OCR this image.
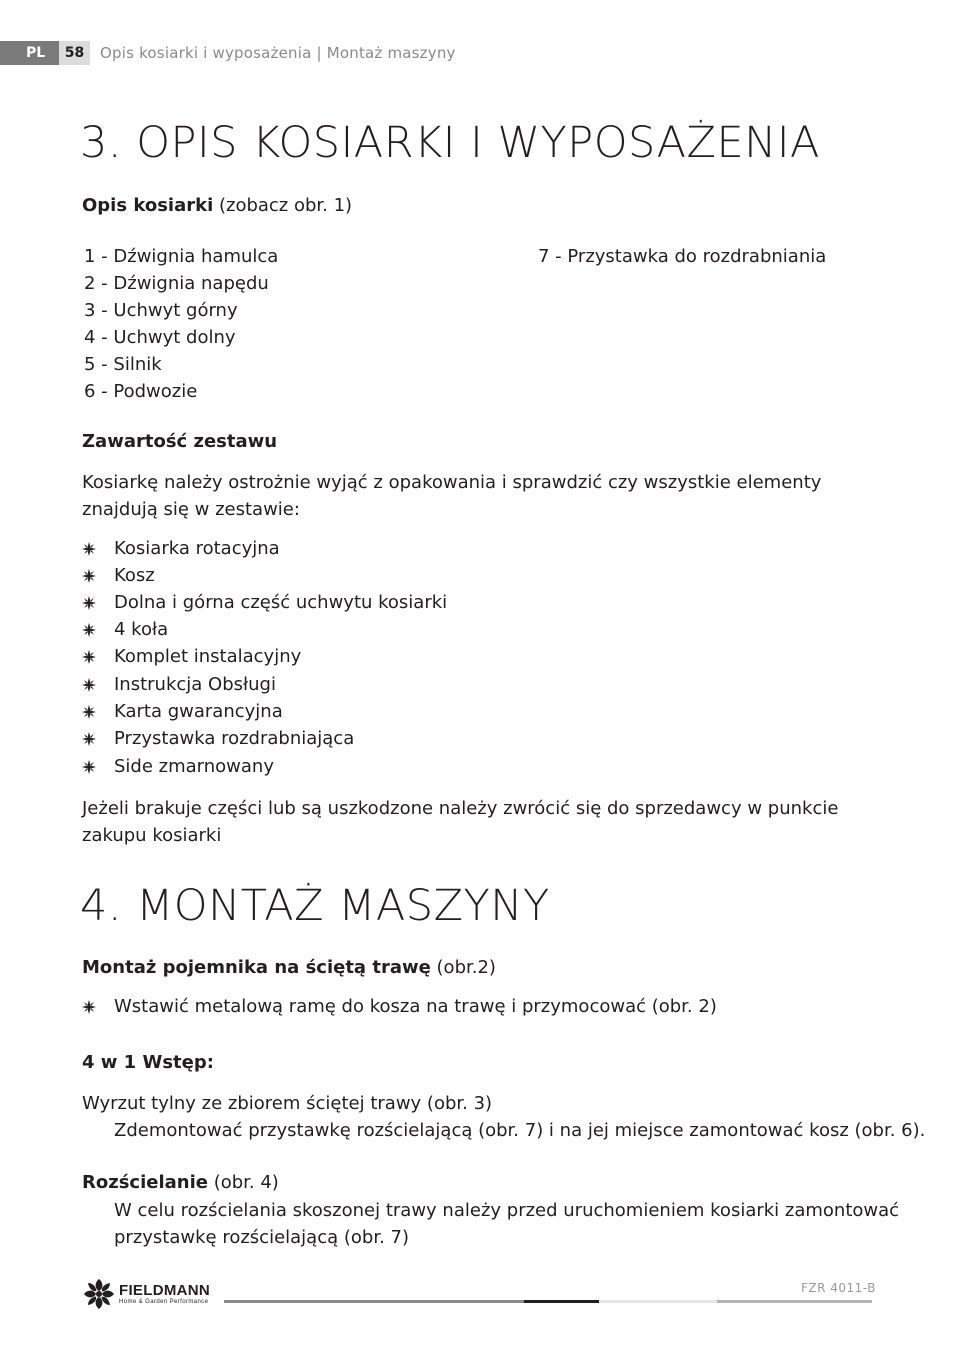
PL	58	Opis kosiarki i wyposażenia | Montaż maszyny
3. OPIS KOSIARKI I WYPOSAŻENIA
Opis kosiarki (zobacz obr. 1)
1 - Dźwignia hamulca
2 - Dźwignia napędu
3 - Uchwyt górny
4 - Uchwyt dolny
5 - Silnik
6 - Podwozie
7 - Przystawka do rozdrabniania
Zawartość zestawu
Kosiarkę należy ostrożnie wyjąć z opakowania i sprawdzić czy wszystkie elementy znajdują się w zestawie:
Kosiarka rotacyjna
Kosz
Dolna i górna część uchwytu kosiarki
4 koła
Komplet instalacyjny
Instrukcja Obsługi
Karta gwarancyjna
Przystawka rozdrabniająca
Side zmarnowany
Jeżeli brakuje części lub są uszkodzone należy zwrócić się do sprzedawcy w punkcie zakupu kosiarki
4. MONTAŻ MASZYNY
Montaż pojemnika na ściętą trawę (obr.2)
Wstawić metalową ramę do kosza na trawę i przymocować (obr. 2)
4 w 1 Wstęp:
Wyrzut tylny ze zbiorem ściętej trawy (obr. 3)
Zdemontować przystawkę rozścielającą (obr. 7) i na jej miejsce zamontować kosz (obr. 6).
Rozścielanie (obr. 4)
W celu rozścielania skoszonej trawy należy przed uruchomieniem kosiarki zamontować
przystawkę rozścielającą (obr. 7)
FIELDMANN
Home & Garden Performance
FZR 4011-B
